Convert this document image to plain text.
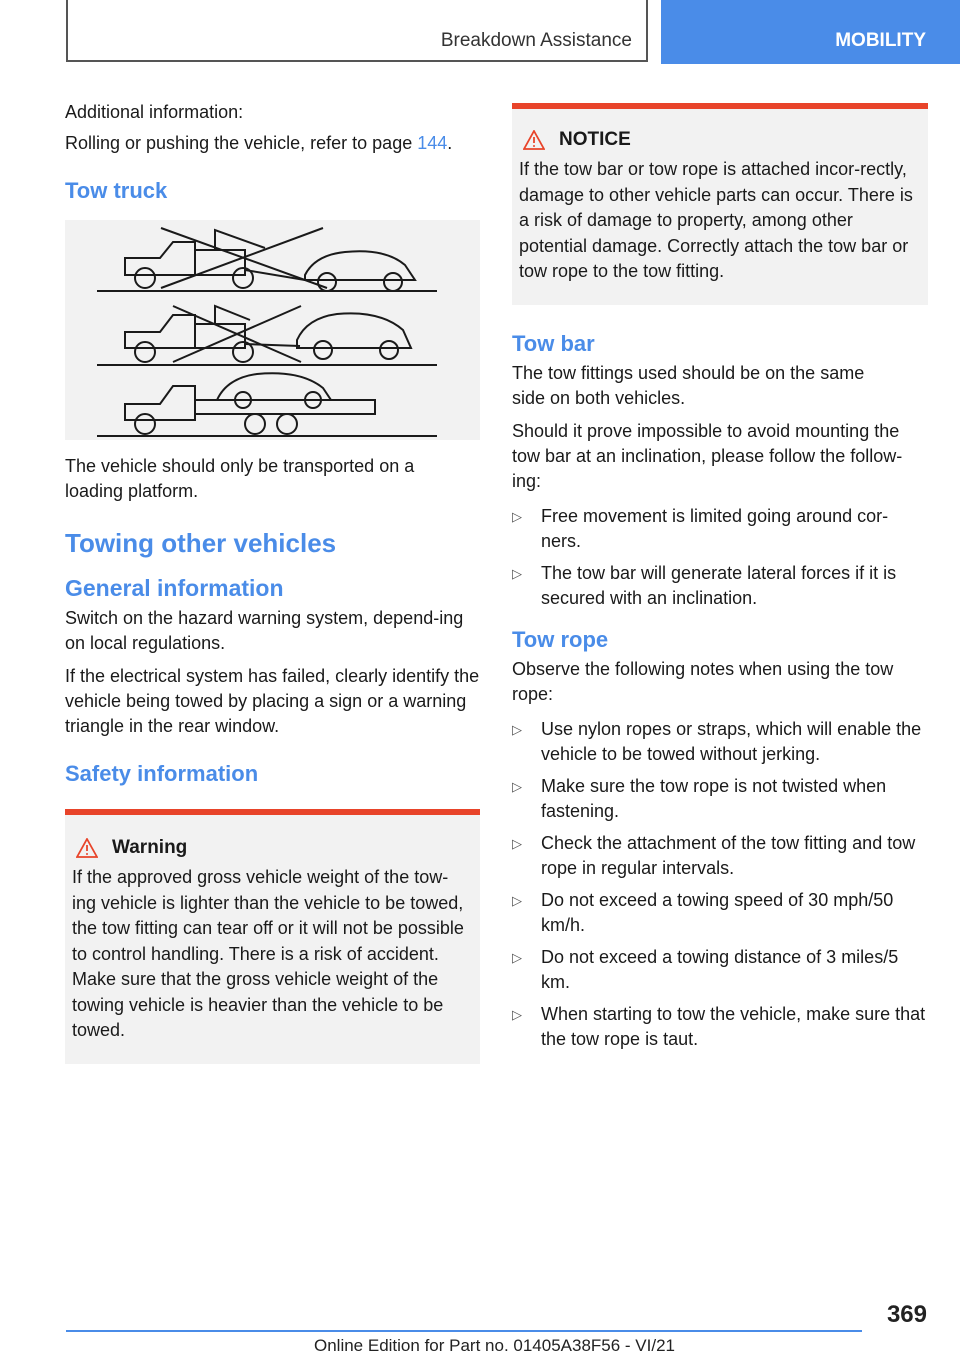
Breakdown Assistance	MOBILITY

Additional information:

Rolling or pushing the vehicle, refer to page 144.

Tow truck

The vehicle should only be transported on a loading platform.

Towing other vehicles
General information

Switch on the hazard warning system, depend-ing on local regulations.

If the electrical system has failed, clearly identify the vehicle being towed by placing a sign or a warning triangle in the rear window.

Safety information
Warning

If the approved gross vehicle weight of the tow-ing vehicle is lighter than the vehicle to be towed, the tow fitting can tear off or it will not be possible to control handling. There is a risk of accident. Make sure that the gross vehicle weight of the towing vehicle is heavier than the vehicle to be towed.

NOTICE

If the tow bar or tow rope is attached incor-rectly, damage to other vehicle parts can occur. There is a risk of damage to property, among other potential damage. Correctly attach the tow bar or tow rope to the tow fitting.

Tow bar

The tow fittings used should be on the same side on both vehicles.

Should it prove impossible to avoid mounting the tow bar at an inclination, please follow the follow-ing:

▷ Free movement is limited going around cor-ners.
▷ The tow bar will generate lateral forces if it is secured with an inclination.
Tow rope

Observe the following notes when using the tow rope:

▷ Use nylon ropes or straps, which will enable the vehicle to be towed without jerking.
▷ Make sure the tow rope is not twisted when fastening.
▷ Check the attachment of the tow fitting and tow rope in regular intervals.
▷ Do not exceed a towing speed of 30 mph/50 km/h.
▷ Do not exceed a towing distance of 3 miles/5 km.
▷ When starting to tow the vehicle, make sure that the tow rope is taut.
369
Online Edition for Part no. 01405A38F56 - VI/21
